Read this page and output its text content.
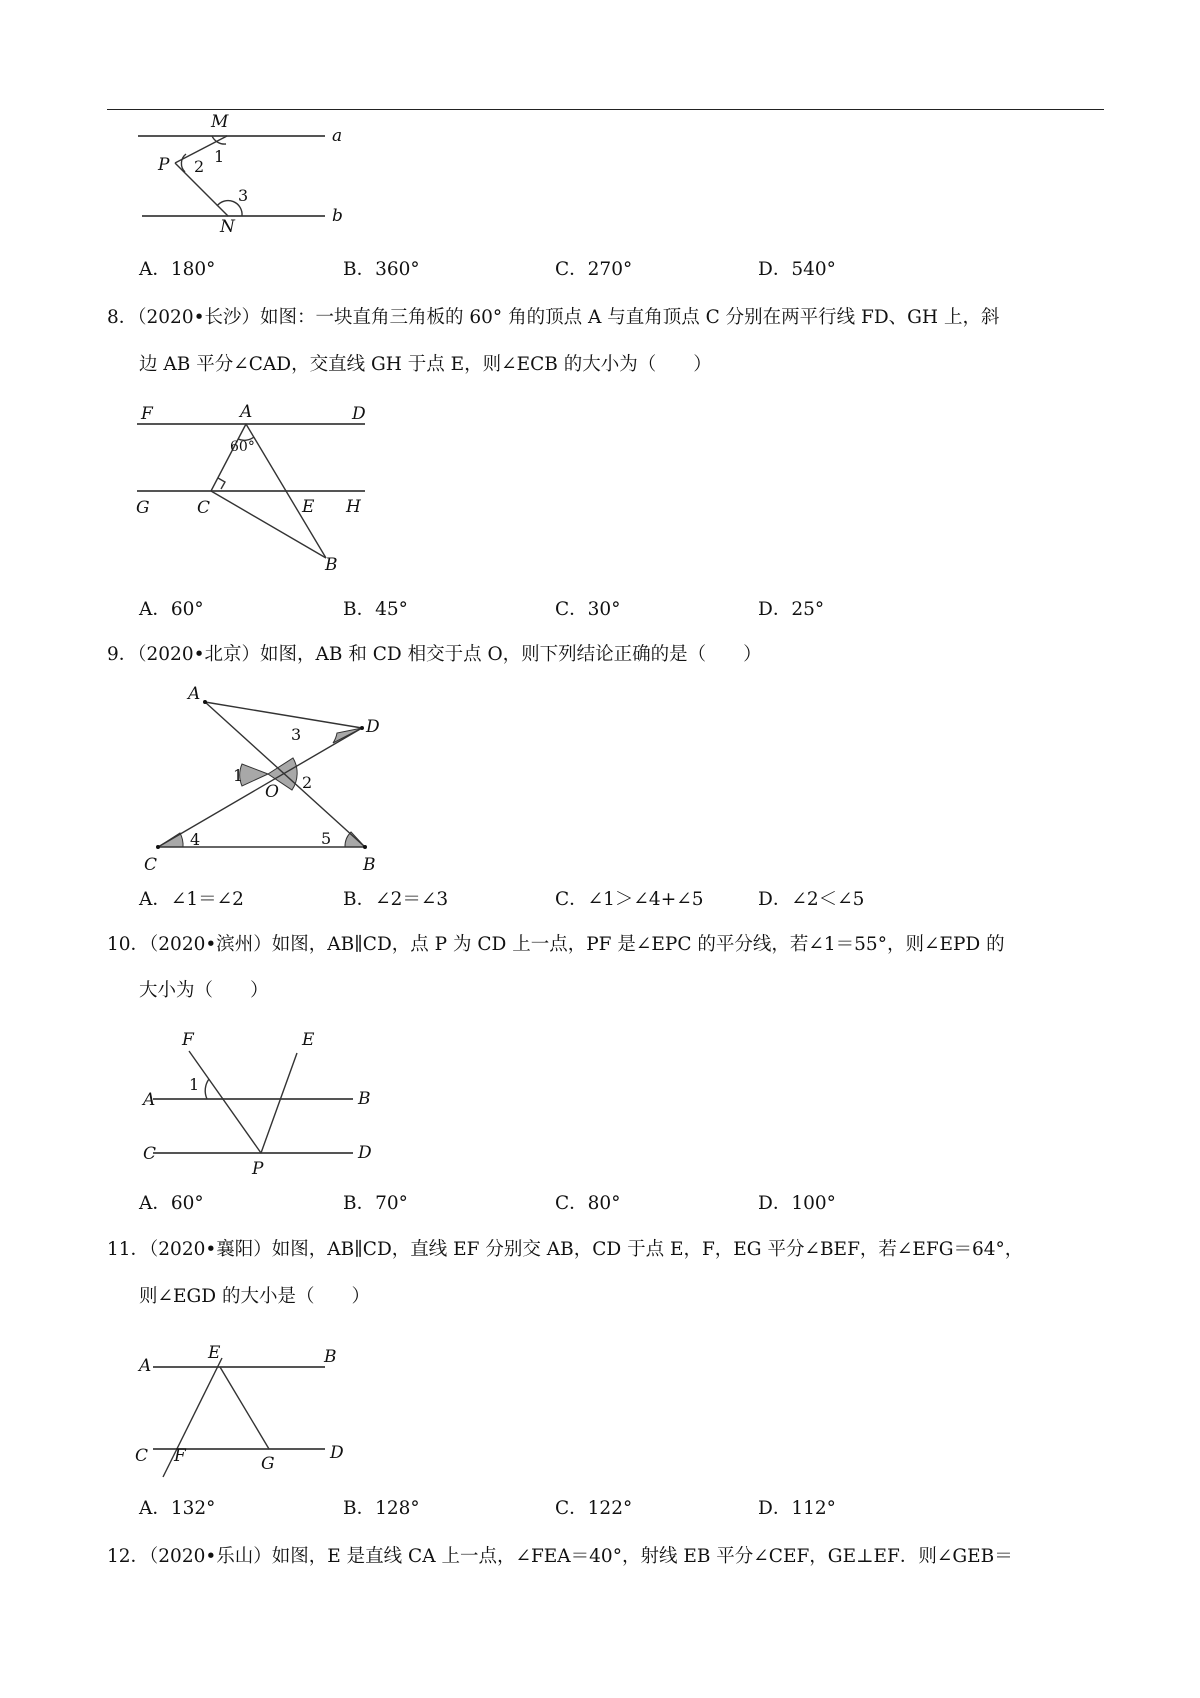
M
P
N
a
b
1
2
3
A．180°	B．360°	C．270°	D．540°
8．（2020•长沙）如图：一块直角三角板的 60° 角的顶点 A 与直角顶点 C 分别在两平行线 FD、GH 上，斜
边 AB 平分∠CAD，交直线 GH 于点 E，则∠ECB 的大小为（　　）
F	A	D
G	C	E H
B
60°
A．60°	B．45°	C．30°	D．25°
9．（2020•北京）如图，AB 和 CD 相交于点 O，则下列结论正确的是（　　）
A
D
O
C	B
1	2
3
4	5
A．∠1＝∠2	B．∠2＝∠3	C．∠1＞∠4+∠5	D．∠2＜∠5
10．（2020•滨州）如图，AB∥CD，点 P 为 CD 上一点，PF 是∠EPC 的平分线，若∠1＝55°，则∠EPD 的
大小为（　　）
F	E
A	B
C	D
P
1
A．60°	B．70°	C．80°	D．100°
11．（2020•襄阳）如图，AB∥CD，直线 EF 分别交 AB，CD 于点 E，F，EG 平分∠BEF，若∠EFG＝64°，
则∠EGD 的大小是（　　）
A
E	B
C F	G
D
A．132°	B．128°	C．122°	D．112°
12．（2020•乐山）如图，E 是直线 CA 上一点，∠FEA＝40°，射线 EB 平分∠CEF，GE⊥EF．则∠GEB＝
